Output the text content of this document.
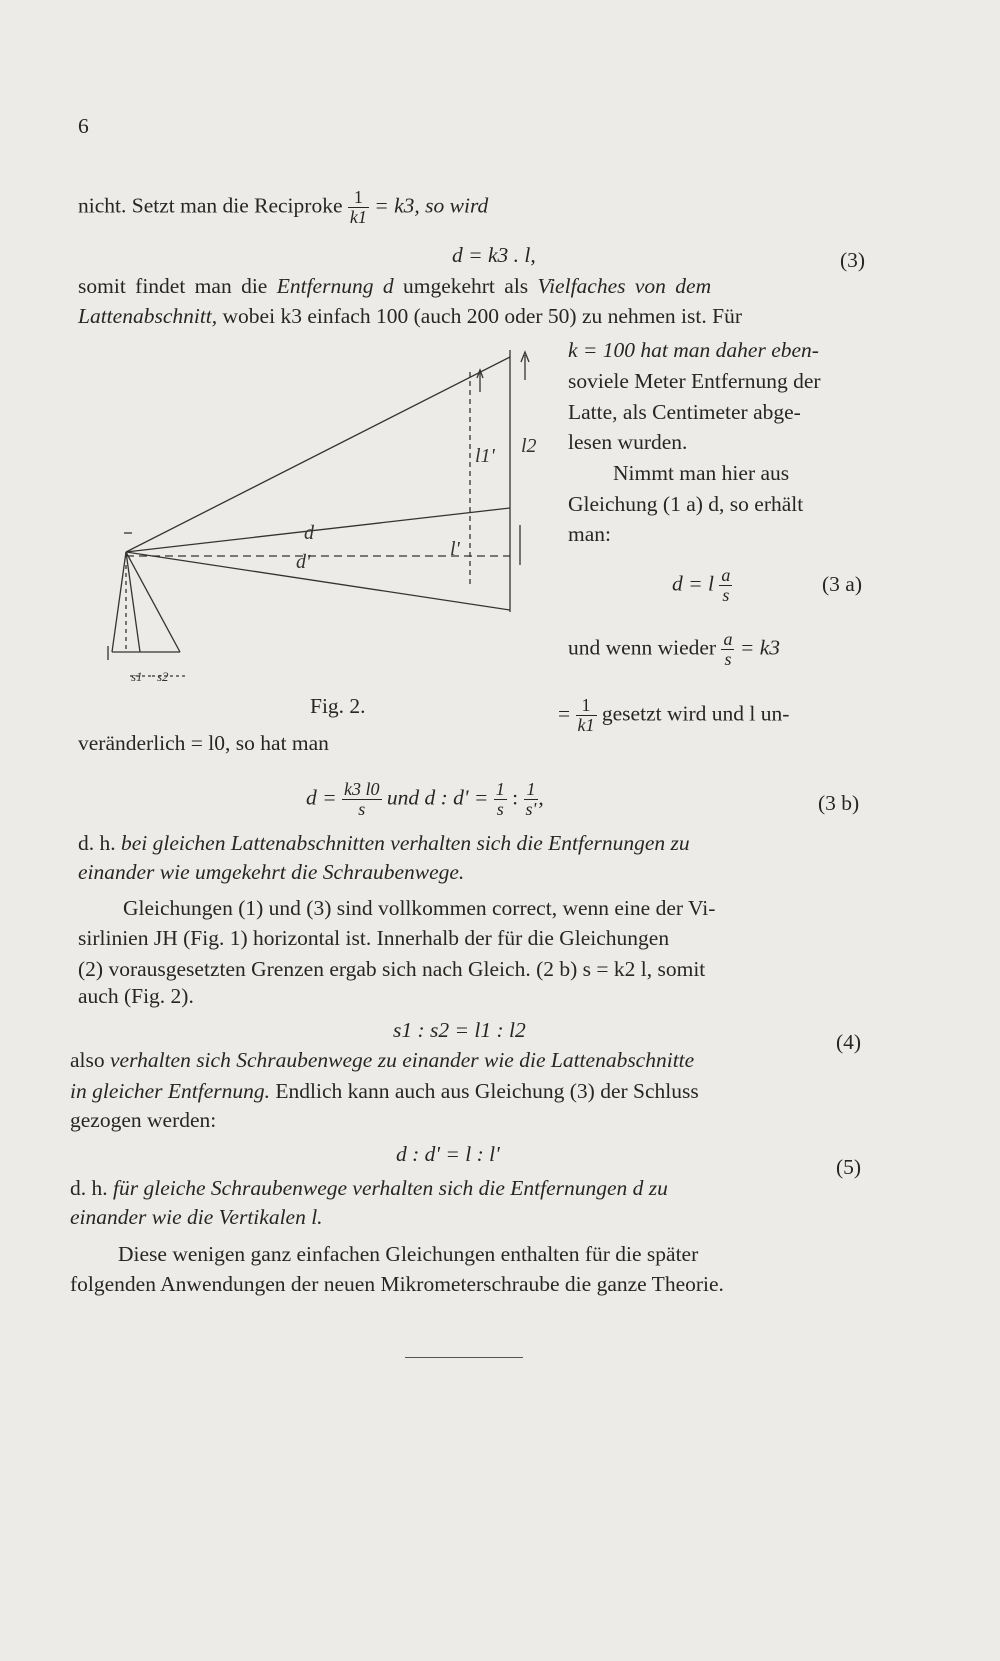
6
nicht. Setzt man die Reciproke $\frac{1}{k1} = k3$, so wird
d = k3 . l,	(3)
somit findet man die Entfernung d umgekehrt als Vielfaches von dem
Lattenabschnitt, wobei k3 einfach 100 (auch 200 oder 50) zu nehmen ist. Für
k = 100 hat man daher eben-
soviele Meter Entfernung der
Latte, als Centimeter abge-
lesen wurden.
Nimmt man hier aus
Gleichung (1 a) d, so erhält
man:
d = l $\frac{a}{s}$	(3 a)
und wenn wieder $\frac{a}{s} = k3$
= $\frac{1}{k1}$ gesetzt wird und l un-
d
d'
l1' l2
l'
s1 s2
Fig. 2.
veränderlich = l0, so hat man
$d = \frac{k3 l0}{s}$ und d : $d' = \frac{1}{s}$ : $\frac{1}{s'}$ ,	(3 b)
d. h. bei gleichen Lattenabschnitten verhalten sich die Entfernungen zu
einander wie umgekehrt die Schraubenwege.
Gleichungen (1) und (3) sind vollkommen correct, wenn eine der Vi-
sirlinien JH (Fig. 1) horizontal ist. Innerhalb der für die Gleichungen
(2) vorausgesetzten Grenzen ergab sich nach Gleich. (2 b) s = k2 l, somit
auch (Fig. 2).
s1 : s2 = l1 : l2	(4)
also verhalten sich Schraubenwege zu einander wie die Lattenabschnitte
in gleicher Entfernung. Endlich kann auch aus Gleichung (3) der Schluss
gezogen werden:
d : d' = l : l'
(5)
d. h. für gleiche Schraubenwege verhalten sich die Entfernungen d zu
einander wie die Vertikalen l.
Diese wenigen ganz einfachen Gleichungen enthalten für die später
folgenden Anwendungen der neuen Mikrometerschraube die ganze Theorie.
